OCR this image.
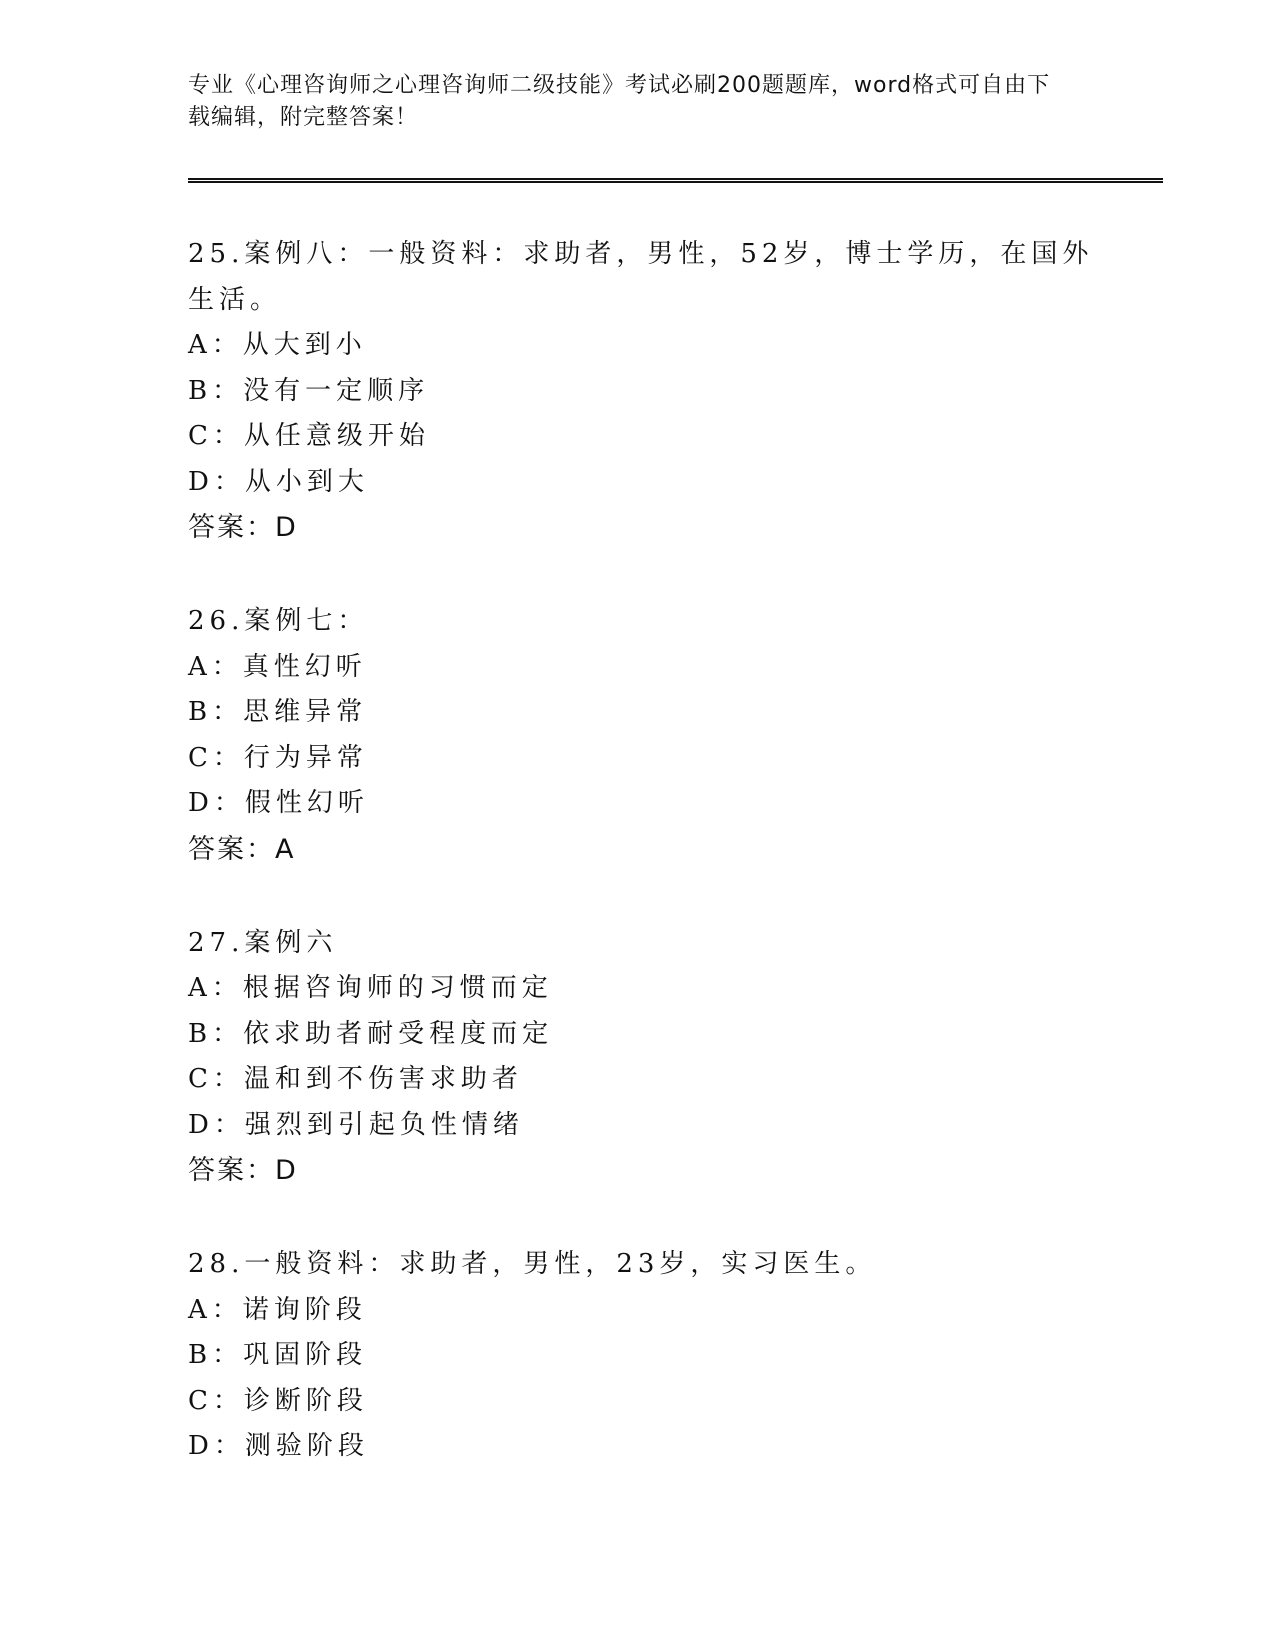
专业《心理咨询师之心理咨询师二级技能》考试必刷200题题库，word格式可自由下载编辑，附完整答案！
25.案例八：一般资料：求助者，男性，52岁，博士学历，在国外生活。
A：从大到小
B：没有一定顺序
C：从任意级开始
D：从小到大
答案：D
26.案例七：
A：真性幻听
B：思维异常
C：行为异常
D：假性幻听
答案：A
27.案例六
A：根据咨询师的习惯而定
B：依求助者耐受程度而定
C：温和到不伤害求助者
D：强烈到引起负性情绪
答案：D
28.一般资料：求助者，男性，23岁，实习医生。
A：诺询阶段
B：巩固阶段
C：诊断阶段
D：测验阶段
